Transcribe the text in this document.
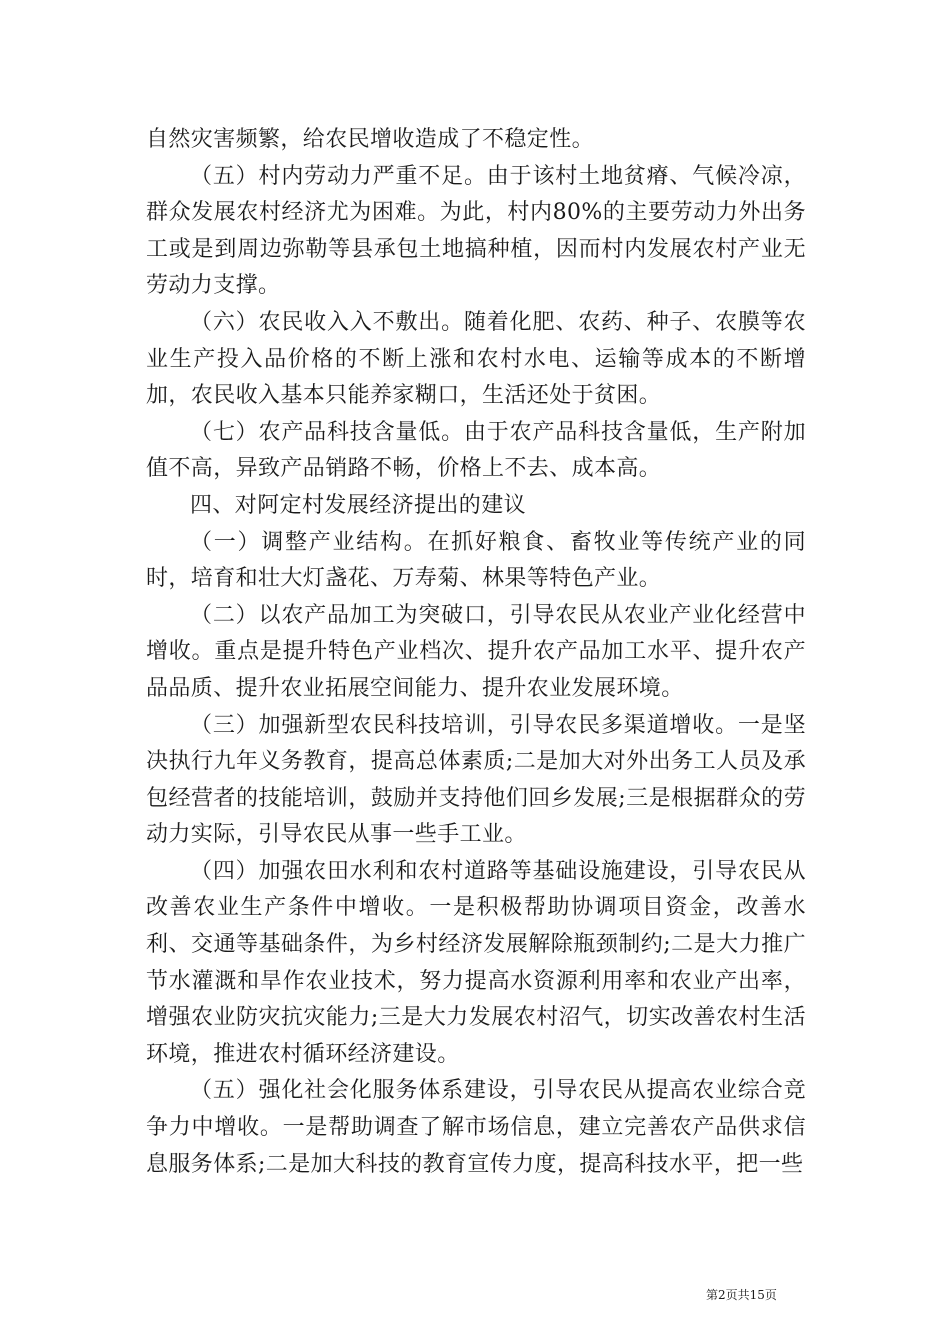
自然灾害频繁，给农民增收造成了不稳定性。

（五）村内劳动力严重不足。由于该村土地贫瘠、气候冷凉，群众发展农村经济尤为困难。为此，村内80%的主要劳动力外出务工或是到周边弥勒等县承包土地搞种植，因而村内发展农村产业无劳动力支撑。

（六）农民收入入不敷出。随着化肥、农药、种子、农膜等农业生产投入品价格的不断上涨和农村水电、运输等成本的不断增加，农民收入基本只能养家糊口，生活还处于贫困。

（七）农产品科技含量低。由于农产品科技含量低，生产附加值不高，异致产品销路不畅，价格上不去、成本高。

四、对阿定村发展经济提出的建议

（一）调整产业结构。在抓好粮食、畜牧业等传统产业的同时，培育和壮大灯盏花、万寿菊、林果等特色产业。

（二）以农产品加工为突破口，引导农民从农业产业化经营中增收。重点是提升特色产业档次、提升农产品加工水平、提升农产品品质、提升农业拓展空间能力、提升农业发展环境。

（三）加强新型农民科技培训，引导农民多渠道增收。一是坚决执行九年义务教育，提高总体素质;二是加大对外出务工人员及承包经营者的技能培训，鼓励并支持他们回乡发展;三是根据群众的劳动力实际，引导农民从事一些手工业。

（四）加强农田水利和农村道路等基础设施建设，引导农民从改善农业生产条件中增收。一是积极帮助协调项目资金，改善水利、交通等基础条件，为乡村经济发展解除瓶颈制约;二是大力推广节水灌溉和旱作农业技术，努力提高水资源利用率和农业产出率，增强农业防灾抗灾能力;三是大力发展农村沼气，切实改善农村生活环境，推进农村循环经济建设。

（五）强化社会化服务体系建设，引导农民从提高农业综合竞争力中增收。一是帮助调查了解市场信息，建立完善农产品供求信息服务体系;二是加大科技的教育宣传力度，提高科技水平，把一些

第2页共15页
